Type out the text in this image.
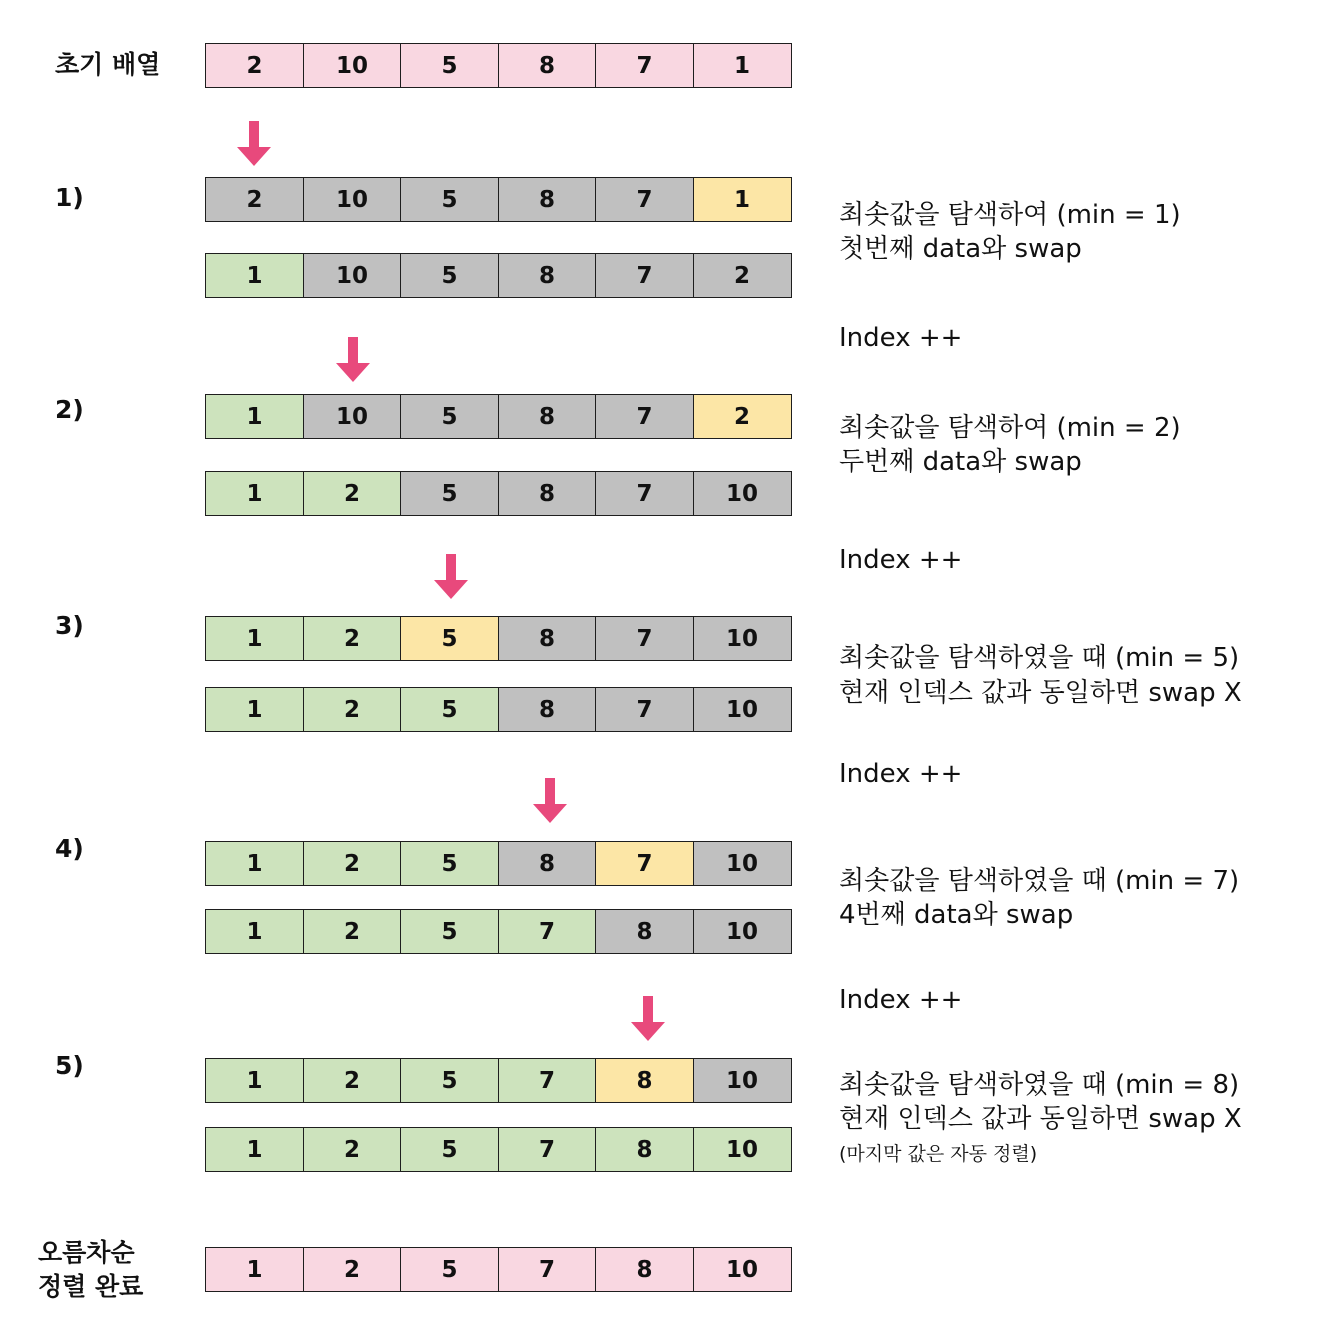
초기 배열
1)
2)
3)
4)
5)
오름차순
정렬 완료
2	10	5	8	7	1
2	10	5	8	7	1
1	10	5	8	7	2
1	10	5	8	7	2
1	2	5	8	7	10
1	2	5	8	7	10
1	2	5	8	7	10
1	2	5	8	7	10
1	2	5	7	8	10
1	2	5	7	8	10
1	2	5	7	8	10
1	2	5	7	8	10
최솟값을 탐색하여 (min = 1)
첫번째 data와 swap
Index ++
최솟값을 탐색하여 (min = 2)
두번째 data와 swap
Index ++
최솟값을 탐색하였을 때 (min = 5)
현재 인덱스 값과 동일하면 swap X
Index ++
최솟값을 탐색하였을 때 (min = 7)
4번째 data와 swap
Index ++
최솟값을 탐색하였을 때 (min = 8)
현재 인덱스 값과 동일하면 swap X
(마지막 값은 자동 정렬)
